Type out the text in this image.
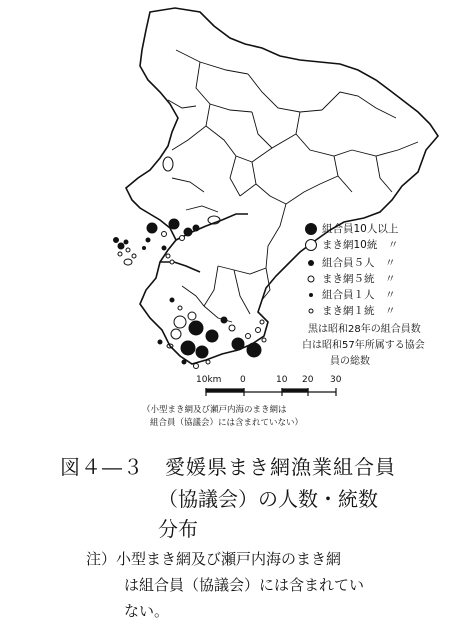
10km 0	10 20 30
組合員10人以上
まき網10統　〃
組合員５人　〃
まき網５統　〃
組合員１人　〃
まき網１統　〃
黒は昭和28年の組合員数
白は昭和57年所属する協会
員の総数
（小型まき網及び瀬戸内海のまき網は
組合員（協議会）には含まれていない）
図４―３　愛媛県まき網漁業組合員
（協議会）の人数・統数
分布
注）小型まき網及び瀬戸内海のまき網
は組合員（協議会）には含まれてい
ない。
